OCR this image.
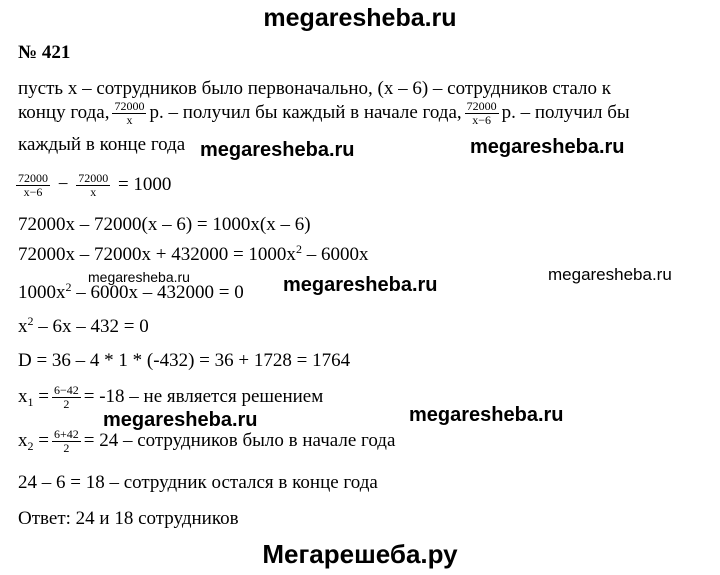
megaresheba.ru
№ 421
пусть x – сотрудников было первоначально, (x – 6) – сотрудников стало к
концу года, $\frac{72000}{x} р$. – получил бы каждый в начале года, $\frac{72000}{x-6} р$. – получил бы
каждый в конце года
$\frac{72000}{x-6} - \frac{72000}{x} = 1000$
72000x – 72000(x – 6) = 1000x(x – 6)
$72000x - 72000x + 432000 = 1000x^2 - 6000x$
$1000x^2 - 6000x - 432000 = 0$
$x^2 - 6x - 432 = 0$
D = 36 – 4 * 1 * (-432) = 36 + 1728 = 1764
$x_1 = \frac{6-42}{2} = -18$ – не является решением
$x_2 = \frac{6+42}{2} = 24$ – сотрудников было в начале года
24 – 6 = 18 – сотрудник остался в конце года
Ответ: 24 и 18 сотрудников
megaresheba.ru	megaresheba.ru
megaresheba.ru	megaresheba.ru	megaresheba.ru
megaresheba.ru	megaresheba.ru
Мегарешеба.ру
